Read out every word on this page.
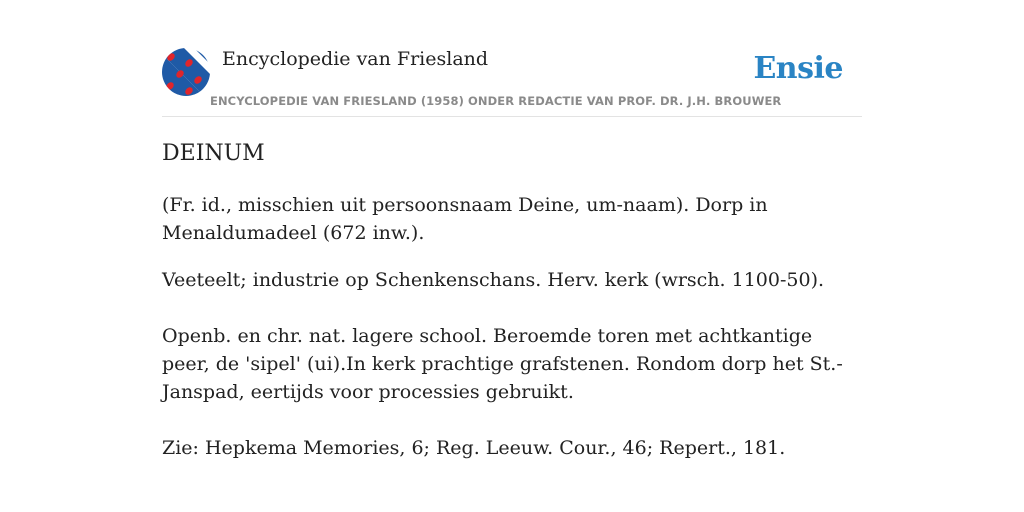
Encyclopedie van Friesland
ENCYCLOPEDIE VAN FRIESLAND (1958) ONDER REDACTIE VAN PROF. DR. J.H. BROUWER
Ensie
DEINUM

(Fr. id., misschien uit persoonsnaam Deine, um-naam). Dorp in Menaldumadeel (672 inw.).

Veeteelt; industrie op Schenkenschans. Herv. kerk (wrsch. 1100-50).

Openb. en chr. nat. lagere school. Beroemde toren met achtkantige peer, de 'sipel' (ui).In kerk prachtige grafstenen. Rondom dorp het St.-Janspad, eertijds voor processies gebruikt.

Zie: Hepkema Memories, 6; Reg. Leeuw. Cour., 46; Repert., 181.
